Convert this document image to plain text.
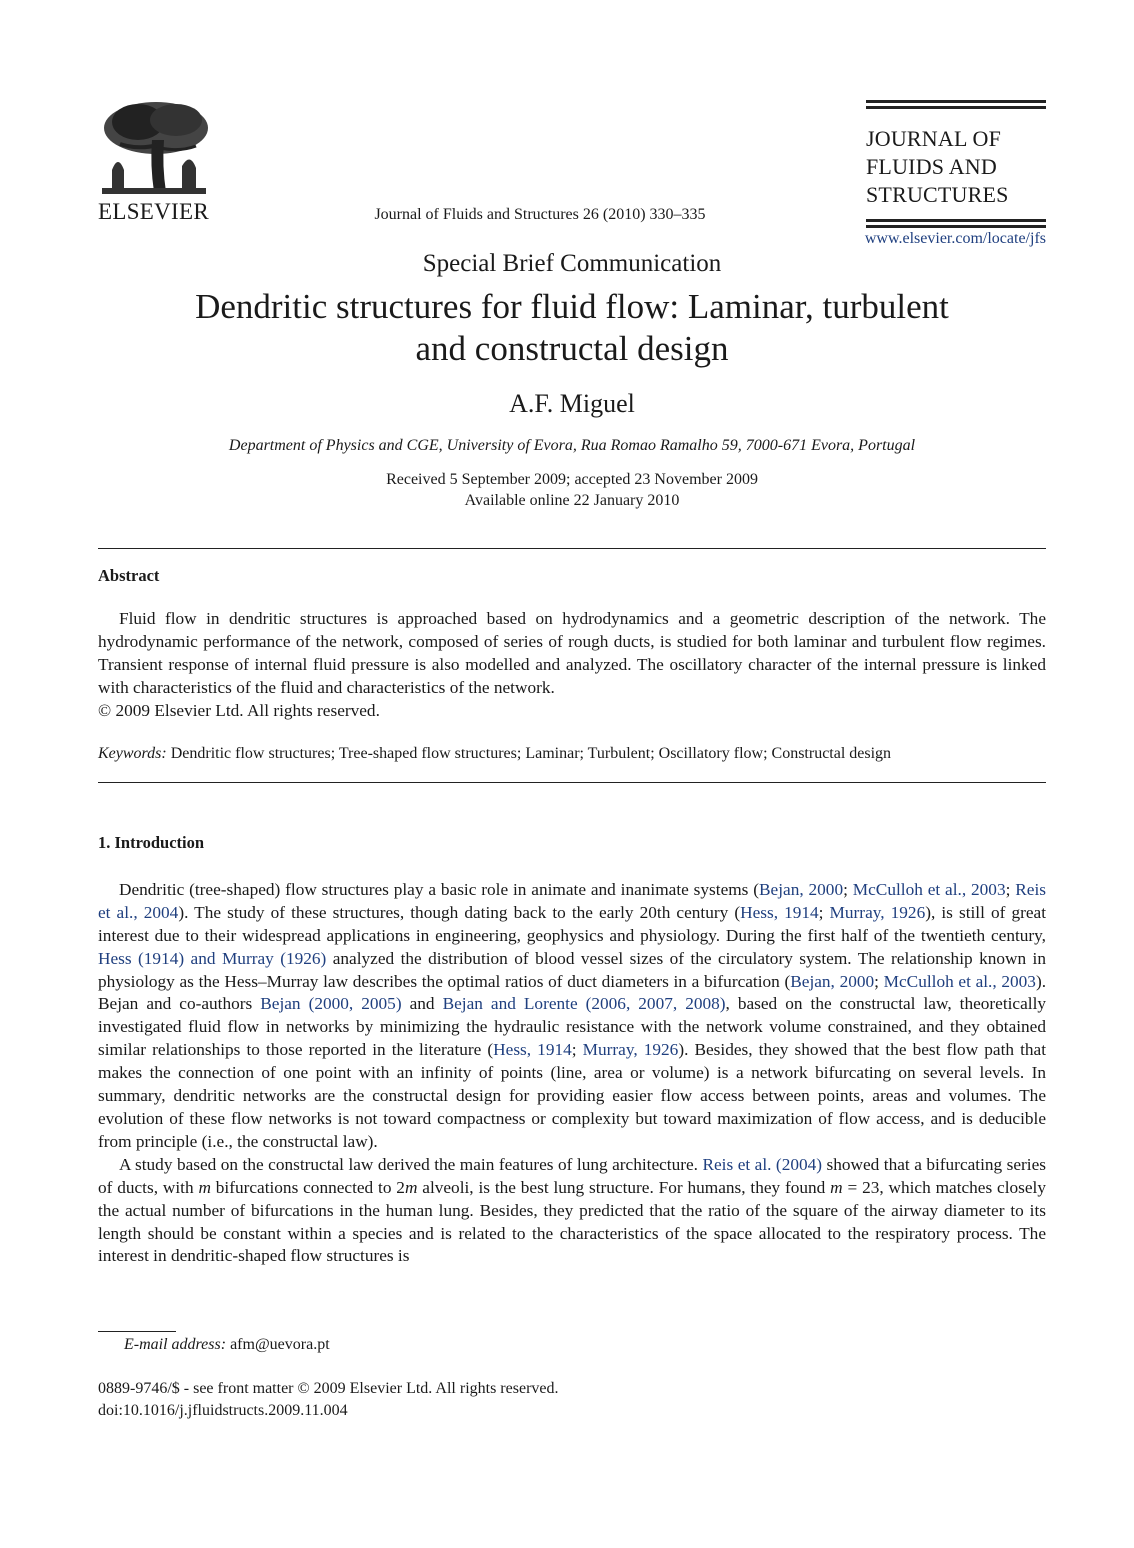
ELSEVIER	Journal of Fluids and Structures 26 (2010) 330–335
JOURNAL OF
FLUIDS AND
STRUCTURES
www.elsevier.com/locate/jfs
Special Brief Communication
Dendritic structures for fluid flow: Laminar, turbulent
and constructal design
A.F. Miguel
Department of Physics and CGE, University of Evora, Rua Romao Ramalho 59, 7000-671 Evora, Portugal
Received 5 September 2009; accepted 23 November 2009
Available online 22 January 2010
Abstract

Fluid flow in dendritic structures is approached based on hydrodynamics and a geometric description of the network. The hydrodynamic performance of the network, composed of series of rough ducts, is studied for both laminar and turbulent flow regimes. Transient response of internal fluid pressure is also modelled and analyzed. The oscillatory character of the internal pressure is linked with characteristics of the fluid and characteristics of the network.

© 2009 Elsevier Ltd. All rights reserved.

Keywords: Dendritic flow structures; Tree-shaped flow structures; Laminar; Turbulent; Oscillatory flow; Constructal design

1. Introduction

Dendritic (tree-shaped) flow structures play a basic role in animate and inanimate systems (Bejan, 2000; McCulloh et al., 2003; Reis et al., 2004). The study of these structures, though dating back to the early 20th century (Hess, 1914; Murray, 1926), is still of great interest due to their widespread applications in engineering, geophysics and physiology. During the first half of the twentieth century, Hess (1914) and Murray (1926) analyzed the distribution of blood vessel sizes of the circulatory system. The relationship known in physiology as the Hess–Murray law describes the optimal ratios of duct diameters in a bifurcation (Bejan, 2000; McCulloh et al., 2003). Bejan and co-authors Bejan (2000, 2005) and Bejan and Lorente (2006, 2007, 2008), based on the constructal law, theoretically investigated fluid flow in networks by minimizing the hydraulic resistance with the network volume constrained, and they obtained similar relationships to those reported in the literature (Hess, 1914; Murray, 1926). Besides, they showed that the best flow path that makes the connection of one point with an infinity of points (line, area or volume) is a network bifurcating on several levels. In summary, dendritic networks are the constructal design for providing easier flow access between points, areas and volumes. The evolution of these flow networks is not toward compactness or complexity but toward maximization of flow access, and is deducible from principle (i.e., the constructal law).

A study based on the constructal law derived the main features of lung architecture. Reis et al. (2004) showed that a bifurcating series of ducts, with m bifurcations connected to 2m alveoli, is the best lung structure. For humans, they found m = 23, which matches closely the actual number of bifurcations in the human lung. Besides, they predicted that the ratio of the square of the airway diameter to its length should be constant within a species and is related to the characteristics of the space allocated to the respiratory process. The interest in dendritic-shaped flow structures is

E-mail address: afm@uevora.pt
0889-9746/$ - see front matter © 2009 Elsevier Ltd. All rights reserved.
doi:10.1016/j.jfluidstructs.2009.11.004
